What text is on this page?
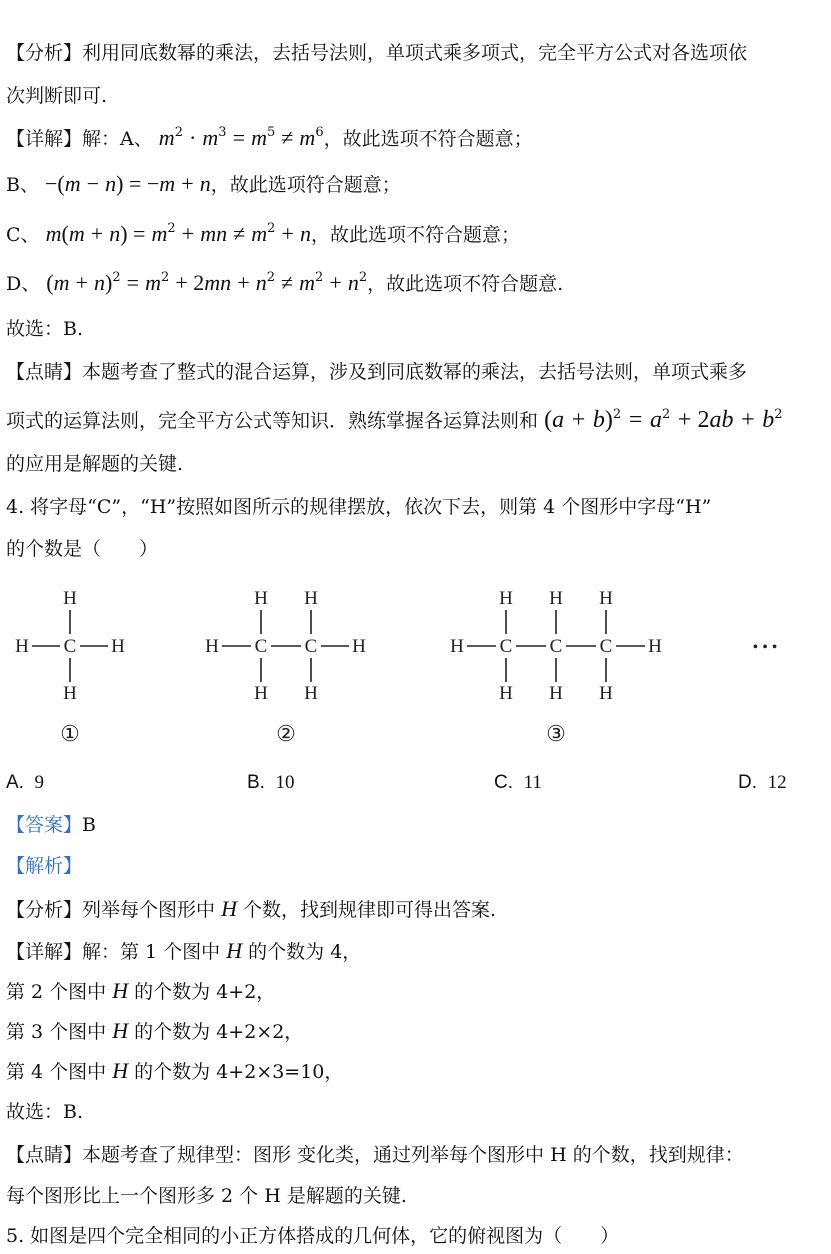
【分析】利用同底数幂的乘法，去括号法则，单项式乘多项式，完全平方公式对各选项依
次判断即可.
【详解】解：A、 $m^2 \cdot m^3 = m^5 \ne m^6$，故此选项不符合题意；
B、 −(m − n) = −m + n，故此选项符合题意；
C、 $m(m + n) = m^2$ + mn ≠ $m^2 + n$，故此选项不符合题意；
D、 $(m + n)^2 = m^2 + 2mn + n^2 \ne m^2 + n^2$，故此选项不符合题意.
故选：B.
【点睛】本题考查了整式的混合运算，涉及到同底数幂的乘法，去括号法则，单项式乘多
项式的运算法则，完全平方公式等知识．熟练掌握各运算法则和 $(a + b)^2 = a^2 + 2ab + b^2$
的应用是解题的关键.
4. 将字母“C”，“H”按照如图所示的规律摆放，依次下去，则第 4 个图形中字母“H”
的个数是（　　）
H
C
H	H
H
①
H H
H C C H
H H
②
H H H
H C C C H
H H H
③
• • •
A. 9	B. 10	C. 11	D. 12
【答案】B
【解析】
【分析】列举每个图形中 H 个数，找到规律即可得出答案.
【详解】解：第 1 个图中 H 的个数为 4，
第 2 个图中 H 的个数为 4+2，
第 3 个图中 H 的个数为 4+2×2，
第 4 个图中 H 的个数为 4+2×3=10，
故选：B.
【点睛】本题考查了规律型：图形 变化类，通过列举每个图形中 H 的个数，找到规律：
每个图形比上一个图形多 2 个 H 是解题的关键.
5. 如图是四个完全相同的小正方体搭成的几何体，它的俯视图为（　　）
